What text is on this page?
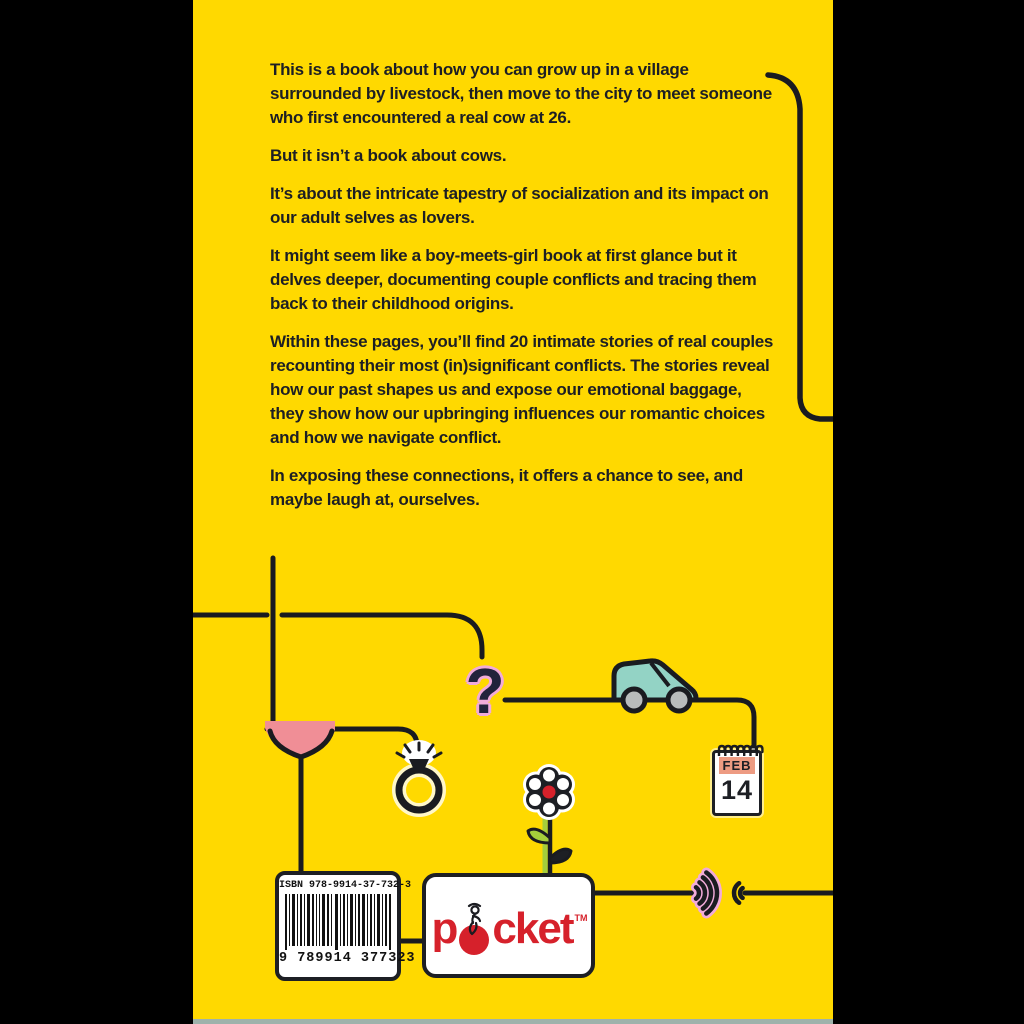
This is a book about how you can grow up in a village surrounded by livestock, then move to the city to meet someone who first encountered a real cow at 26.

But it isn’t a book about cows.

It’s about the intricate tapestry of socialization and its impact on our adult selves as lovers.

It might seem like a boy-meets-girl book at first glance but it delves deeper, documenting couple conflicts and tracing them back to their childhood origins.

Within these pages, you’ll find 20 intimate stories of real couples recounting their most (in)significant conflicts. The stories reveal how our past shapes us and expose our emotional baggage, they show how our upbringing influences our romantic choices and how we navigate conflict.

In exposing these connections, it offers a chance to see, and maybe laugh at, ourselves.

?
FEB
14
ISBN 978-9914-37-732-3
9 789914 377323
p cket TM
